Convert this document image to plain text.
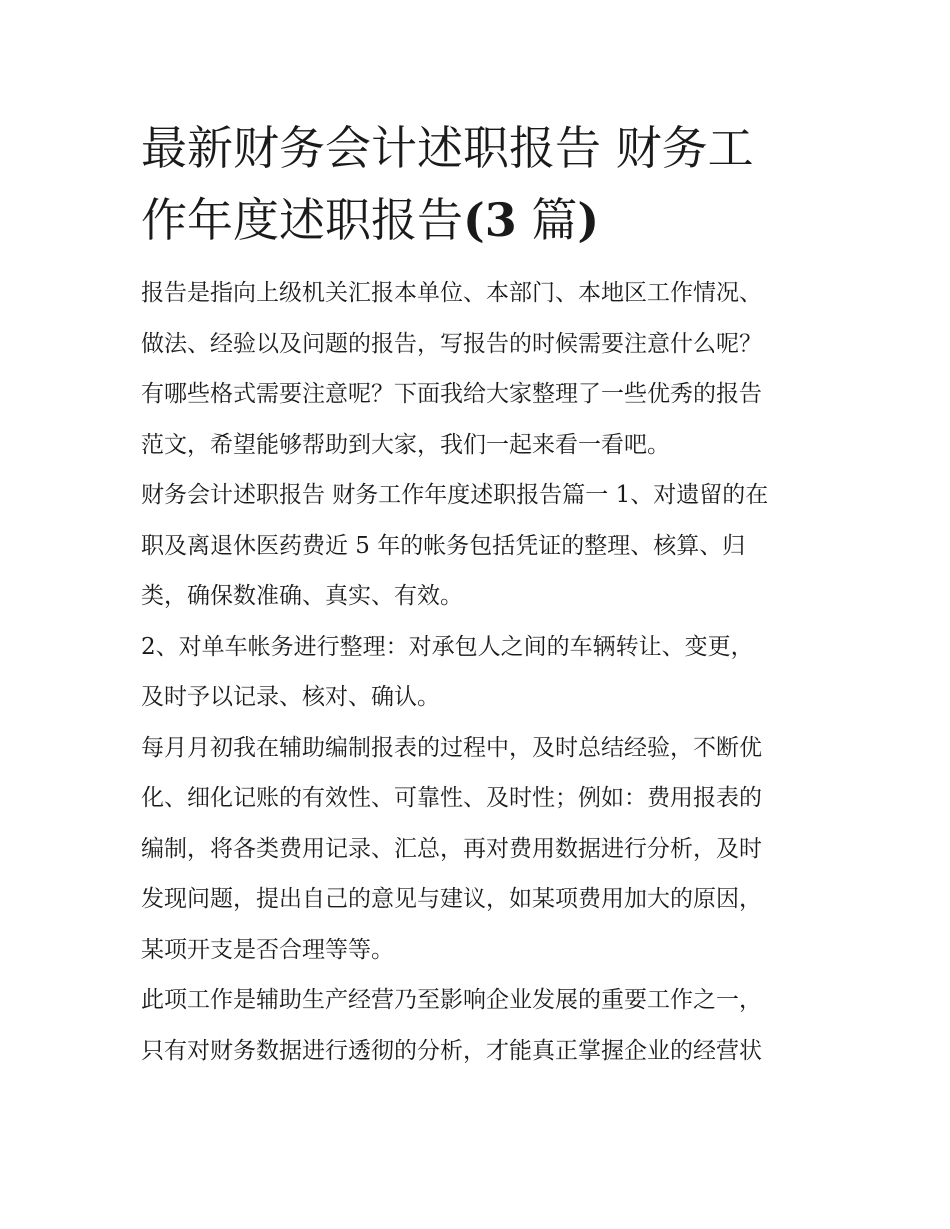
最新财务会计述职报告 财务工
作年度述职报告(3 篇)

报告是指向上级机关汇报本单位、本部门、本地区工作情况、
做法、经验以及问题的报告，写报告的时候需要注意什么呢？
有哪些格式需要注意呢？下面我给大家整理了一些优秀的报告
范文，希望能够帮助到大家，我们一起来看一看吧。

财务会计述职报告 财务工作年度述职报告篇一 1、对遗留的在
职及离退休医药费近 5 年的帐务包括凭证的整理、核算、归
类，确保数准确、真实、有效。

2、对单车帐务进行整理：对承包人之间的车辆转让、变更，
及时予以记录、核对、确认。

每月月初我在辅助编制报表的过程中，及时总结经验，不断优
化、细化记账的有效性、可靠性、及时性；例如：费用报表的
编制，将各类费用记录、汇总，再对费用数据进行分析，及时
发现问题，提出自己的意见与建议，如某项费用加大的原因，
某项开支是否合理等等。

此项工作是辅助生产经营乃至影响企业发展的重要工作之一，
只有对财务数据进行透彻的分析，才能真正掌握企业的经营状
